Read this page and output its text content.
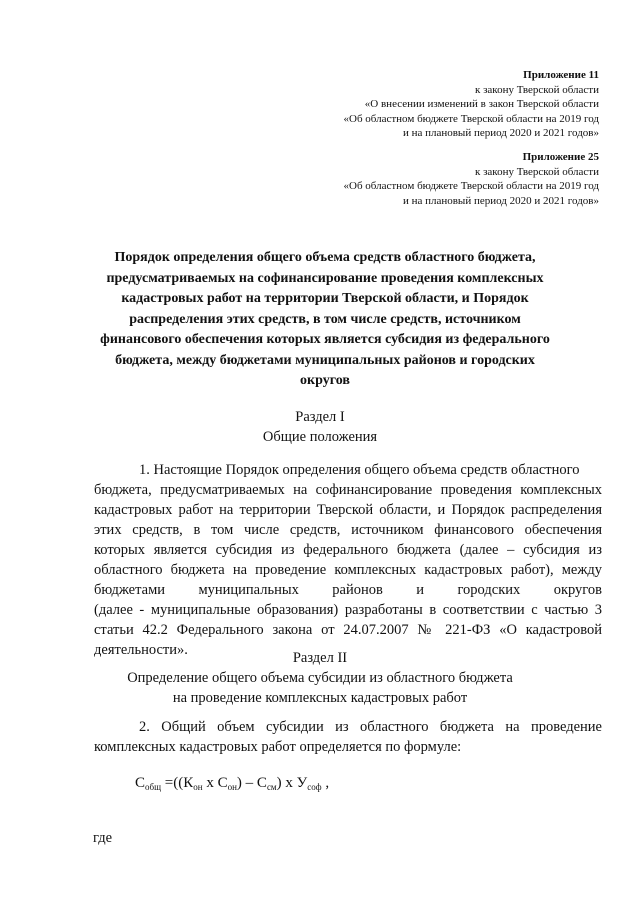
Приложение 11
к закону Тверской области
«О внесении изменений в закон Тверской области
«Об областном бюджете Тверской области на 2019 год
и на плановый период 2020 и 2021 годов»
Приложение 25
к закону Тверской области
«Об областном бюджете Тверской области на 2019 год
и на плановый период 2020 и 2021 годов»
Порядок определения общего объема средств областного бюджета,
предусматриваемых на софинансирование проведения комплексных
кадастровых работ на территории Тверской области, и Порядок
распределения этих средств, в том числе средств, источником
финансового обеспечения которых является субсидия из федерального
бюджета, между бюджетами муниципальных районов и городских
округов
Раздел I
Общие положения
1. Настоящие Порядок определения общего объема средств областного
бюджета, предусматриваемых на софинансирование проведения комплексных
кадастровых работ на территории Тверской области, и Порядок распределения
этих средств, в том числе средств, источником финансового обеспечения
которых является субсидия из федерального бюджета (далее – субсидия из
областного бюджета на проведение комплексных кадастровых работ), между
бюджетами муниципальных районов и городских округов
(далее - муниципальные образования) разработаны в соответствии с частью 3
статьи 42.2 Федерального закона от 24.07.2007 № 221-ФЗ «О кадастровой
деятельности».	Раздел II
Определение общего объема субсидии из областного бюджета
на проведение комплексных кадастровых работ
2. Общий объем субсидии из областного бюджета на проведение
комплексных кадастровых работ определяется по формуле:
$С_{общ} =((К_{он}$ х $С_{он}) - С_{см}$) х $У_{соф}$ ,
где
